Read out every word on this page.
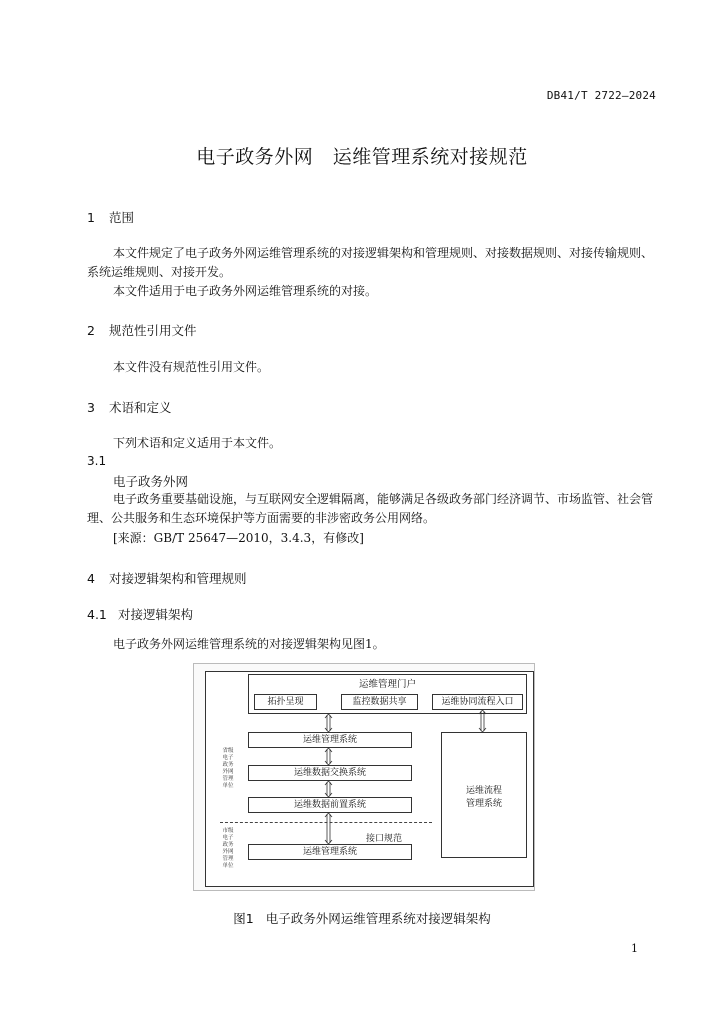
DB41/T 2722—2024
电子政务外网　运维管理系统对接规范
1 范围
本文件规定了电子政务外网运维管理系统的对接逻辑架构和管理规则、对接数据规则、对接传输规则、系统运维规则、对接开发。
本文件适用于电子政务外网运维管理系统的对接。
2 规范性引用文件
本文件没有规范性引用文件。
3 术语和定义
下列术语和定义适用于本文件。
3.1
电子政务外网
电子政务重要基础设施，与互联网安全逻辑隔离，能够满足各级政务部门经济调节、市场监管、社会管理、公共服务和生态环境保护等方面需要的非涉密政务公用网络。
[来源：GB/T 25647—2010，3.4.3，有修改]
4 对接逻辑架构和管理规则
4.1 对接逻辑架构
电子政务外网运维管理系统的对接逻辑架构见图1。
运维管理门户
拓扑呈现	监控数据共享	运维协同流程入口
运维管理系统
运维数据交换系统
运维数据前置系统
运维管理系统
运维流程
管理系统
省级电子政务外网管理单位
市级电子政务外网管理单位
接口规范
图1 电子政务外网运维管理系统对接逻辑架构
1
